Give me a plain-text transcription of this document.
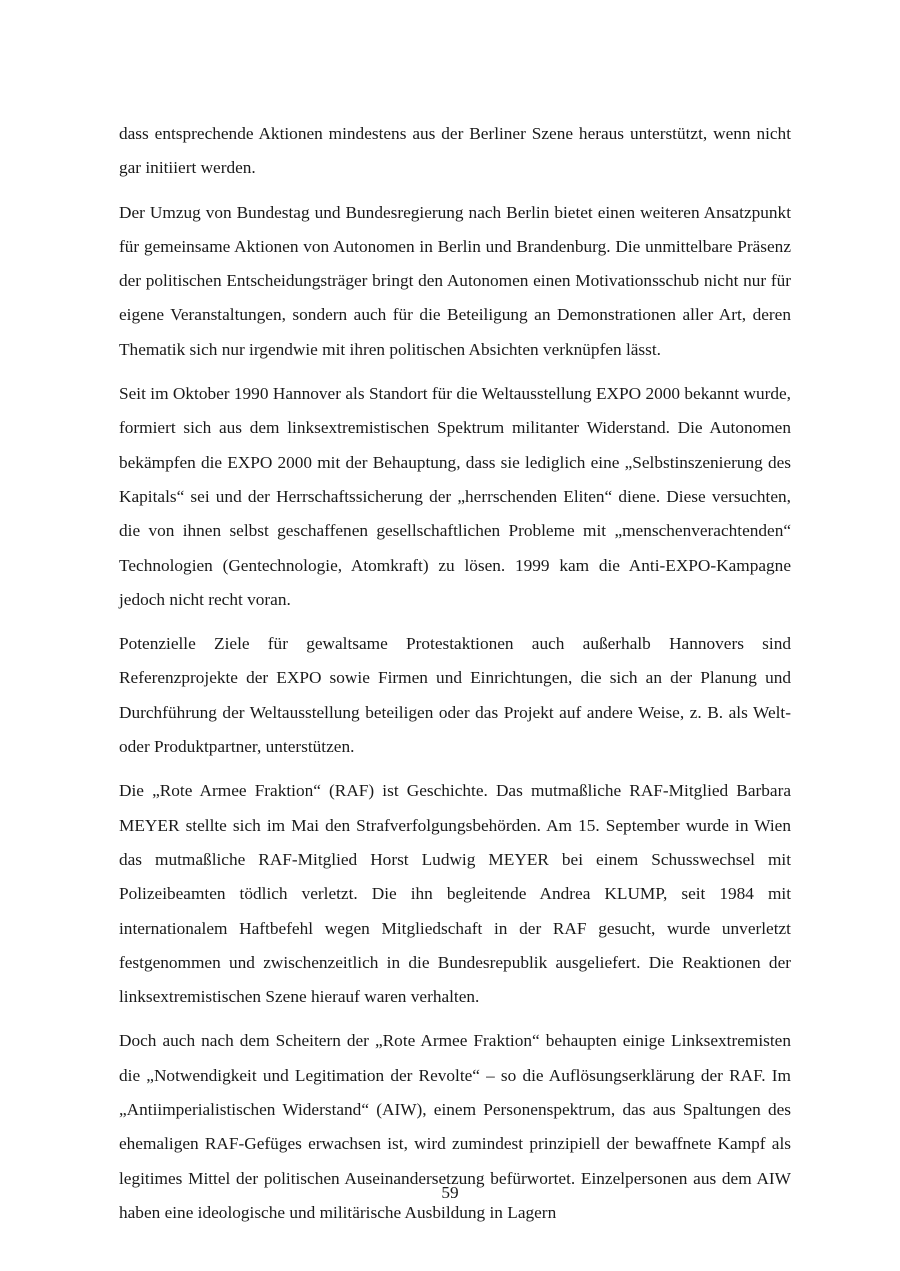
dass entsprechende Aktionen mindestens aus der Berliner Szene heraus unterstützt, wenn nicht gar initiiert werden.

Der Umzug von Bundestag und Bundesregierung nach Berlin bietet einen weiteren Ansatzpunkt für gemeinsame Aktionen von Autonomen in Berlin und Brandenburg. Die unmittelbare Präsenz der politischen Entscheidungsträger bringt den Autonomen einen Motivationsschub nicht nur für eigene Veranstaltungen, sondern auch für die Beteiligung an Demonstrationen aller Art, deren Thematik sich nur irgendwie mit ihren politischen Absichten verknüpfen lässt.

Seit im Oktober 1990 Hannover als Standort für die Weltausstellung EXPO 2000 bekannt wurde, formiert sich aus dem linksextremistischen Spektrum militanter Widerstand. Die Autonomen bekämpfen die EXPO 2000 mit der Behauptung, dass sie lediglich eine „Selbstinszenierung des Kapitals“ sei und der Herrschaftssicherung der „herrschenden Eliten“ diene. Diese versuchten, die von ihnen selbst geschaffenen gesellschaftlichen Probleme mit „menschenverachtenden“ Technologien (Gentechnologie, Atomkraft) zu lösen. 1999 kam die Anti-EXPO-Kampagne jedoch nicht recht voran.

Potenzielle Ziele für gewaltsame Protestaktionen auch außerhalb Hannovers sind Referenzprojekte der EXPO sowie Firmen und Einrichtungen, die sich an der Planung und Durchführung der Weltausstellung beteiligen oder das Projekt auf andere Weise, z. B. als Welt- oder Produktpartner, unterstützen.

Die „Rote Armee Fraktion“ (RAF) ist Geschichte. Das mutmaßliche RAF-Mitglied Barbara MEYER stellte sich im Mai den Strafverfolgungsbehörden. Am 15. September wurde in Wien das mutmaßliche RAF-Mitglied Horst Ludwig MEYER bei einem Schusswechsel mit Polizeibeamten tödlich verletzt. Die ihn begleitende Andrea KLUMP, seit 1984 mit internationalem Haftbefehl wegen Mitgliedschaft in der RAF gesucht, wurde unverletzt festgenommen und zwischenzeitlich in die Bundesrepublik ausgeliefert. Die Reaktionen der linksextremistischen Szene hierauf waren verhalten.

Doch auch nach dem Scheitern der „Rote Armee Fraktion“ behaupten einige Linksextremisten die „Notwendigkeit und Legitimation der Revolte“ – so die Auflösungserklärung der RAF. Im „Antiimperialistischen Widerstand“ (AIW), einem Personenspektrum, das aus Spaltungen des ehemaligen RAF-Gefüges erwachsen ist, wird zumindest prinzipiell der bewaffnete Kampf als legitimes Mittel der politischen Auseinandersetzung befürwortet. Einzelpersonen aus dem AIW haben eine ideologische und militärische Ausbildung in Lagern

59
